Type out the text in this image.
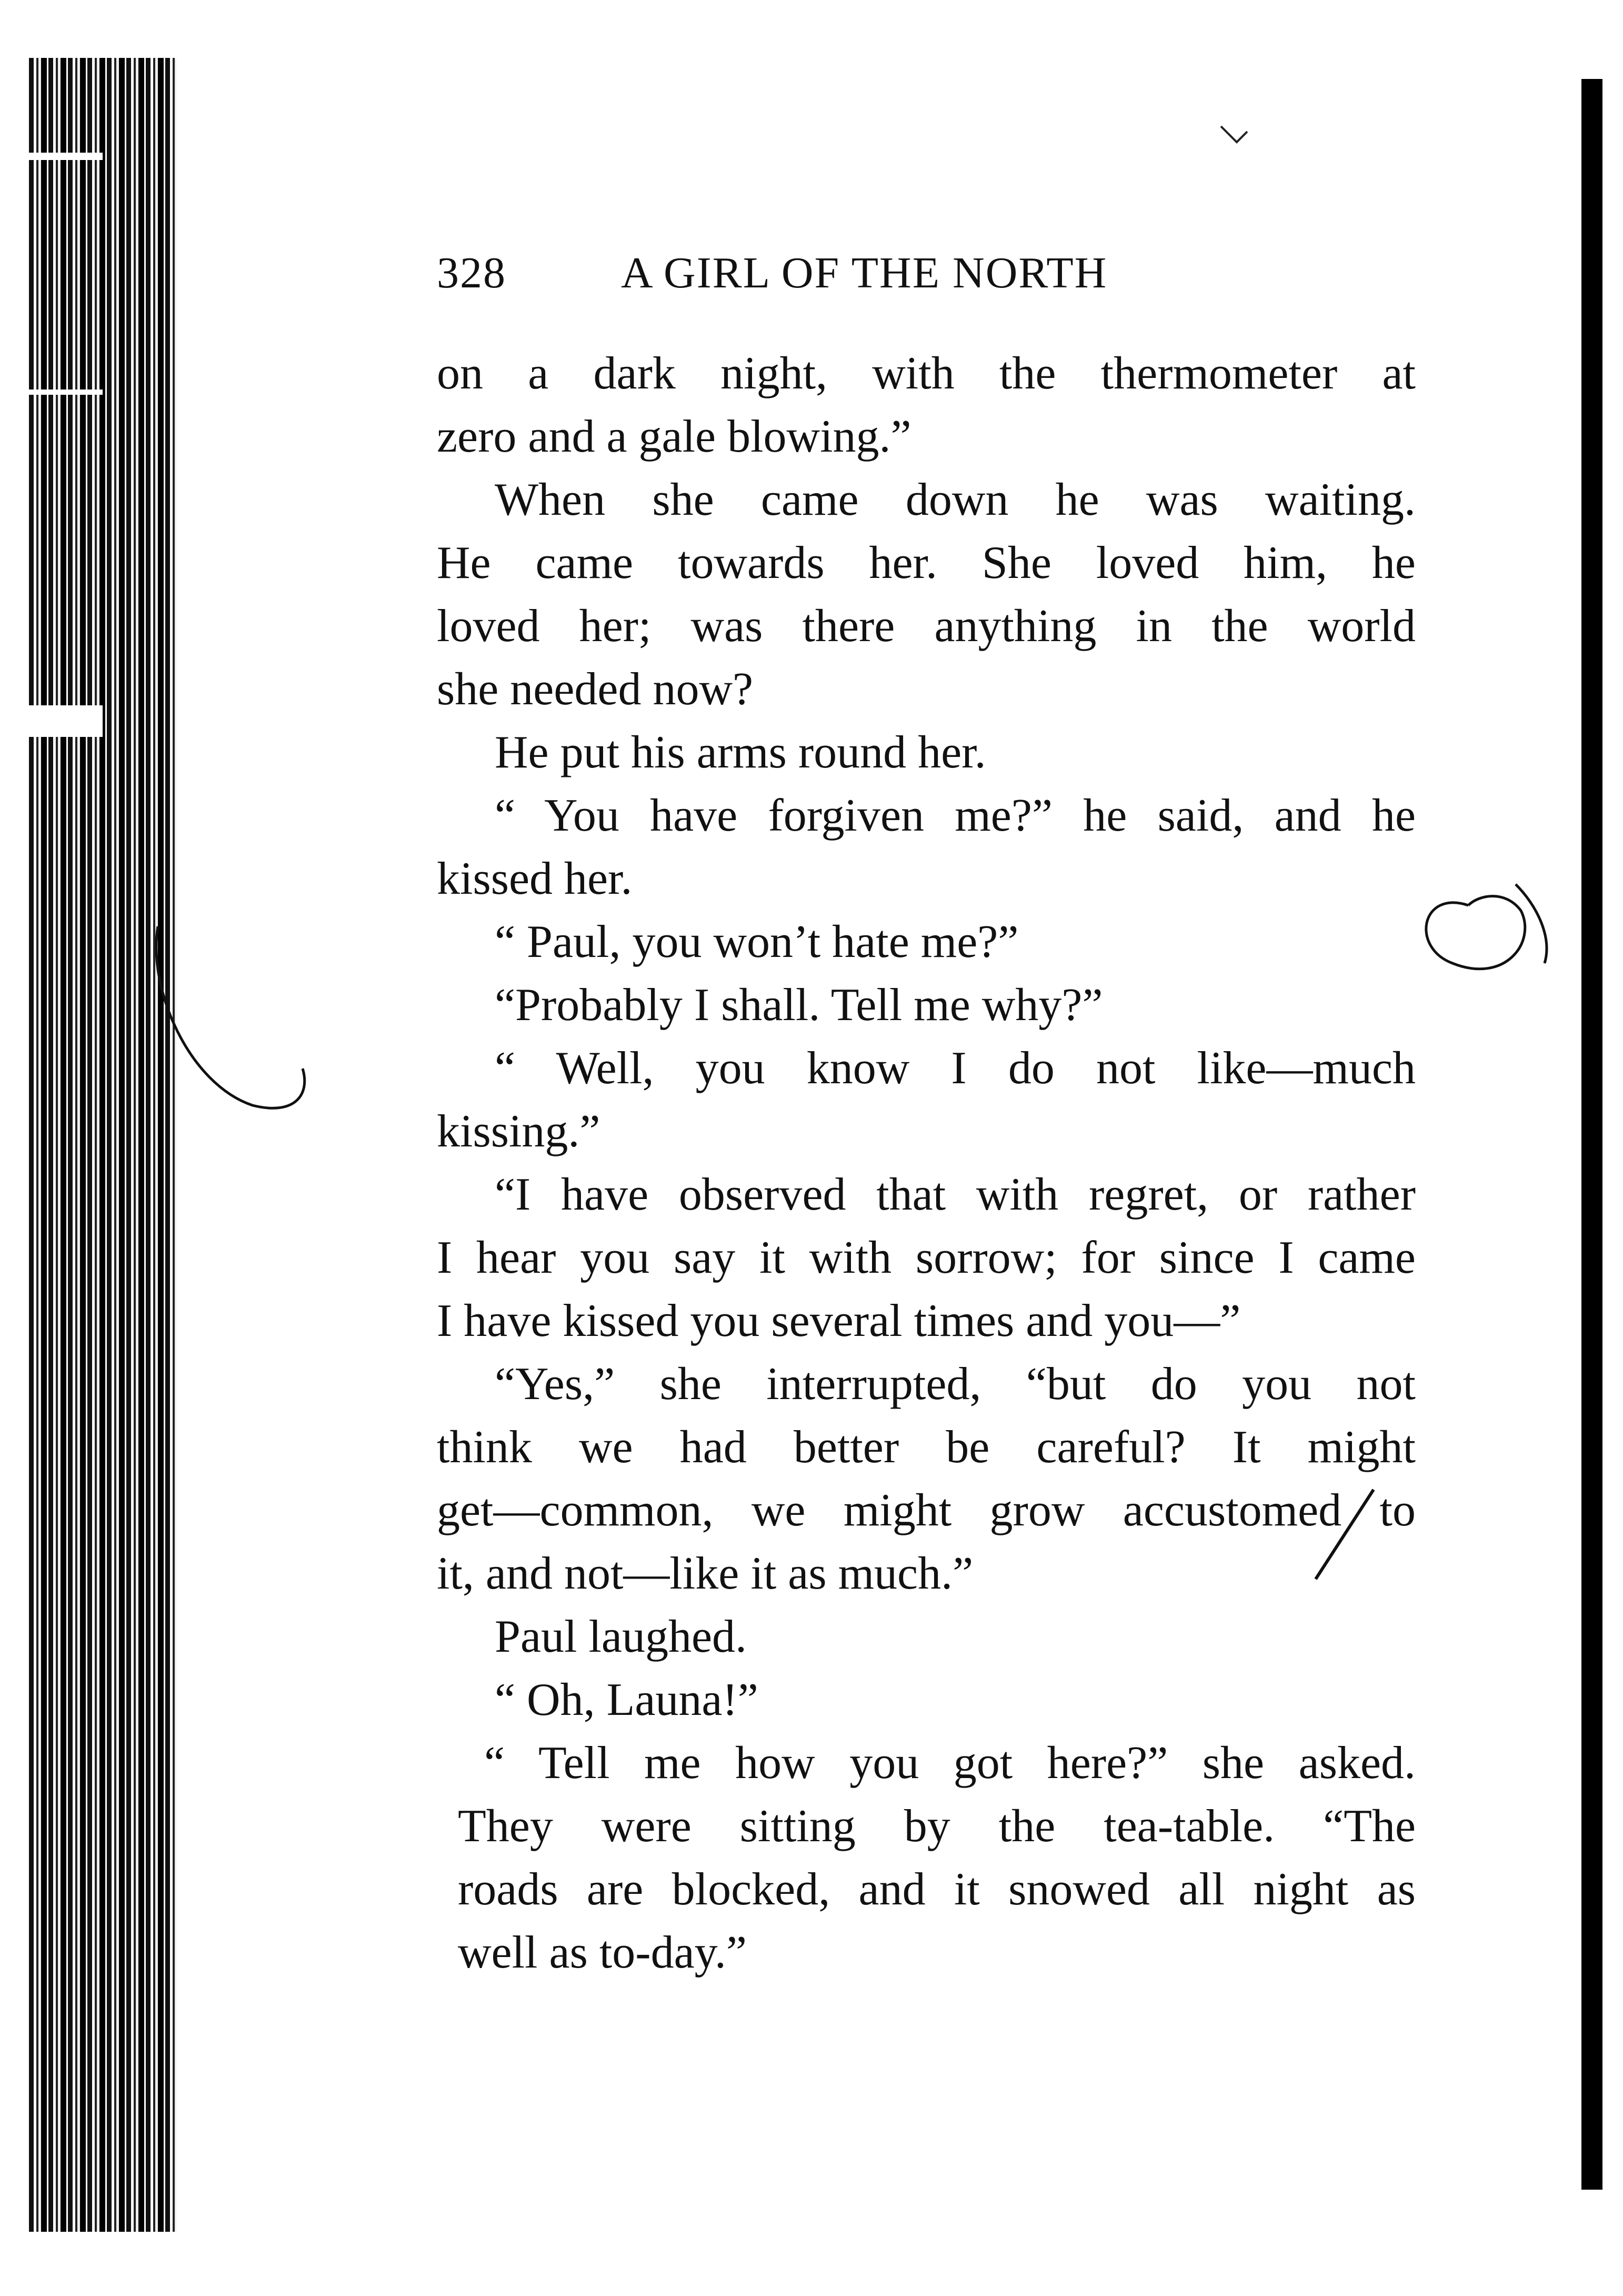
328	A GIRL OF THE NORTH
on a dark night, with the thermometer at
zero and a gale blowing.”
When she came down he was waiting.
He came towards her. She loved him, he
loved her; was there anything in the world
she needed now?
He put his arms round her.
“ You have forgiven me?” he said, and he
kissed her.
“ Paul, you won’t hate me?”
“Probably I shall. Tell me why?”
“ Well, you know I do not like—much
kissing.”
“I have observed that with regret, or rather
I hear you say it with sorrow; for since I came
I have kissed you several times and you—”
“Yes,” she interrupted, “but do you not
think we had better be careful? It might
get—common, we might grow accustomed to
it, and not—like it as much.”
Paul laughed.
“ Oh, Launa!”
“ Tell me how you got here?” she asked.
They were sitting by the tea-table. “The
roads are blocked, and it snowed all night as
well as to-day.”
